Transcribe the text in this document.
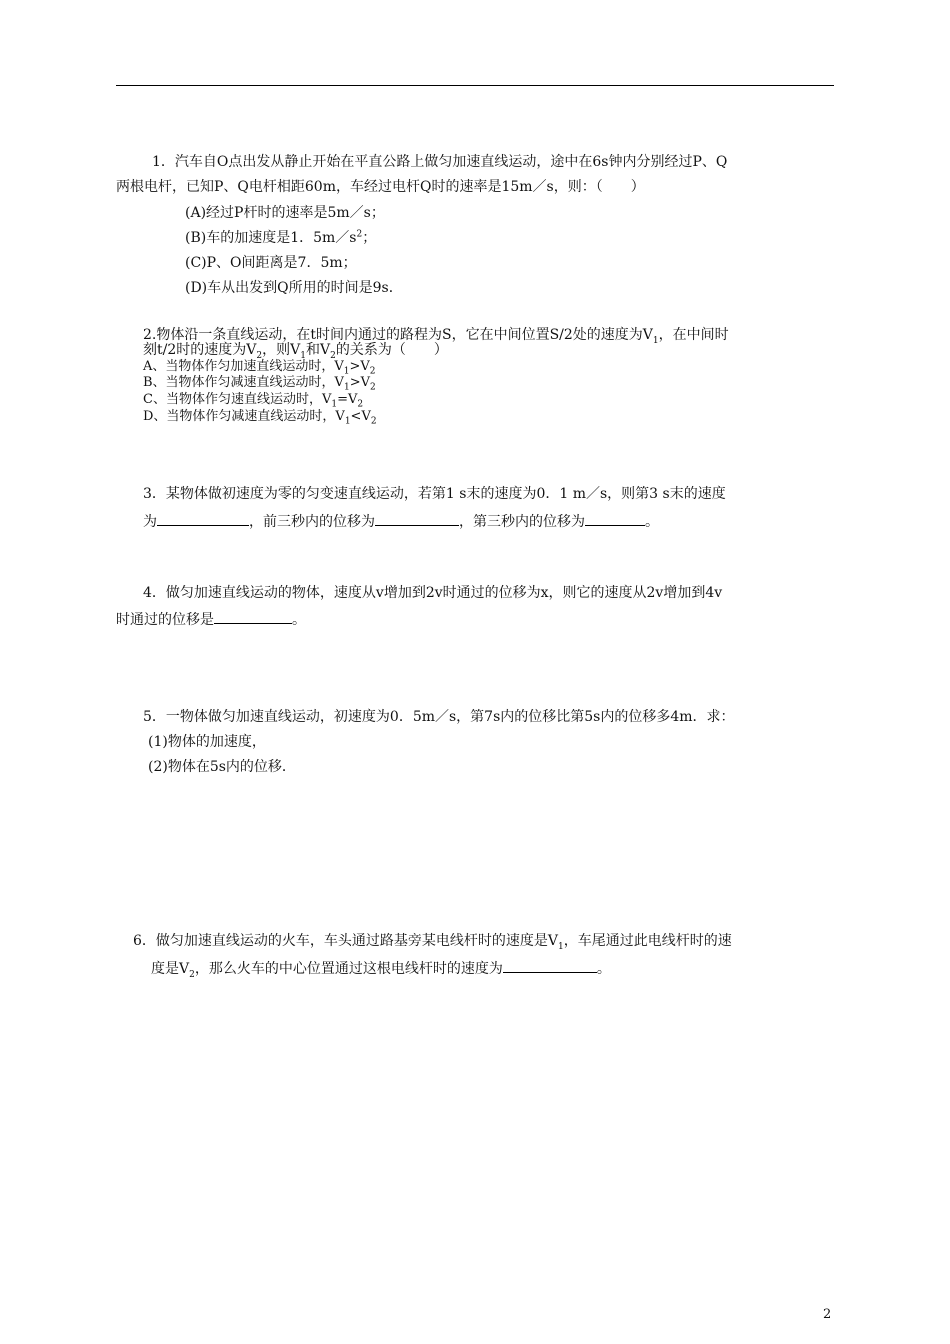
1．汽车自O点出发从静止开始在平直公路上做匀加速直线运动，途中在6s钟内分别经过P、Q
两根电杆，已知P、Q电杆相距60m，车经过电杆Q时的速率是15m／s，则：（　　）
(A)经过P杆时的速率是5m／s；
(B)车的加速度是1．$5m/s^2$；
(C)P、O间距离是7．5m；
(D)车从出发到Q所用的时间是9s．
2.物体沿一条直线运动，在t时间内通过的路程为S，它在中间位置S/2处的速度为$V_1$，在中间时
刻t/2时的速度为$V_2$，则$V_1$和$V_2$的关系为（　　）
A、当物体作匀加速直线运动时，$V_1>V_2$
B、当物体作匀减速直线运动时，$V_1>V_2$
C、当物体作匀速直线运动时，$V_1=V_2$
D、当物体作匀减速直线运动时，$V_1<V_2$
3．某物体做初速度为零的匀变速直线运动，若第1 s末的速度为0．1 m／s，则第3 s末的速度
为	，前三秒内的位移为	，第三秒内的位移为	。
4．做匀加速直线运动的物体，速度从v增加到2v时通过的位移为x，则它的速度从2v增加到4v
时通过的位移是	。
5．一物体做匀加速直线运动，初速度为0．5m／s，第7s内的位移比第5s内的位移多4m．求：
(1)物体的加速度，
(2)物体在5s内的位移．
6．做匀加速直线运动的火车，车头通过路基旁某电线杆时的速度是$V_1$，车尾通过此电线杆时的速
度是$V_2$，那么火车的中心位置通过这根电线杆时的速度为	。
2
